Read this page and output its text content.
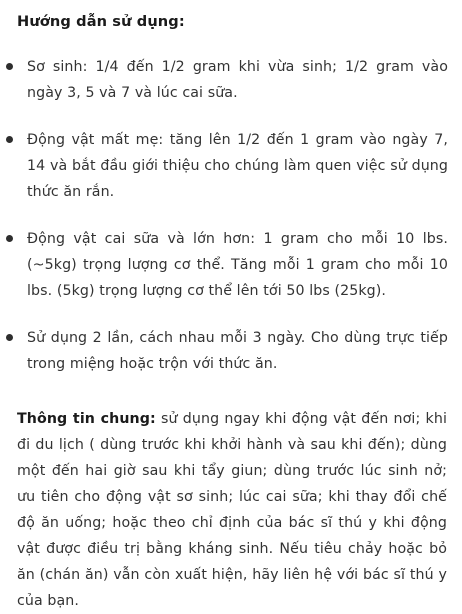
Hướng dẫn sử dụng:
Sơ sinh: 1/4 đến 1/2 gram khi vừa sinh; 1/2 gram vào ngày 3, 5 và 7 và lúc cai sữa.
Động vật mất mẹ: tăng lên 1/2 đến 1 gram vào ngày 7, 14 và bắt đầu giới thiệu cho chúng làm quen việc sử dụng thức ăn rắn.
Động vật cai sữa và lớn hơn: 1 gram cho mỗi 10 lbs. (~5kg) trọng lượng cơ thể. Tăng mỗi 1 gram cho mỗi 10 lbs. (5kg) trọng lượng cơ thể lên tới 50 lbs (25kg).
Sử dụng 2 lần, cách nhau mỗi 3 ngày. Cho dùng trực tiếp trong miệng hoặc trộn với thức ăn.

Thông tin chung: sử dụng ngay khi động vật đến nơi; khi đi du lịch ( dùng trước khi khởi hành và sau khi đến); dùng một đến hai giờ sau khi tẩy giun; dùng trước lúc sinh nở; ưu tiên cho động vật sơ sinh; lúc cai sữa; khi thay đổi chế độ ăn uống; hoặc theo chỉ định của bác sĩ thú y khi động vật được điều trị bằng kháng sinh. Nếu tiêu chảy hoặc bỏ ăn (chán ăn) vẫn còn xuất hiện, hãy liên hệ với bác sĩ thú y của bạn.
